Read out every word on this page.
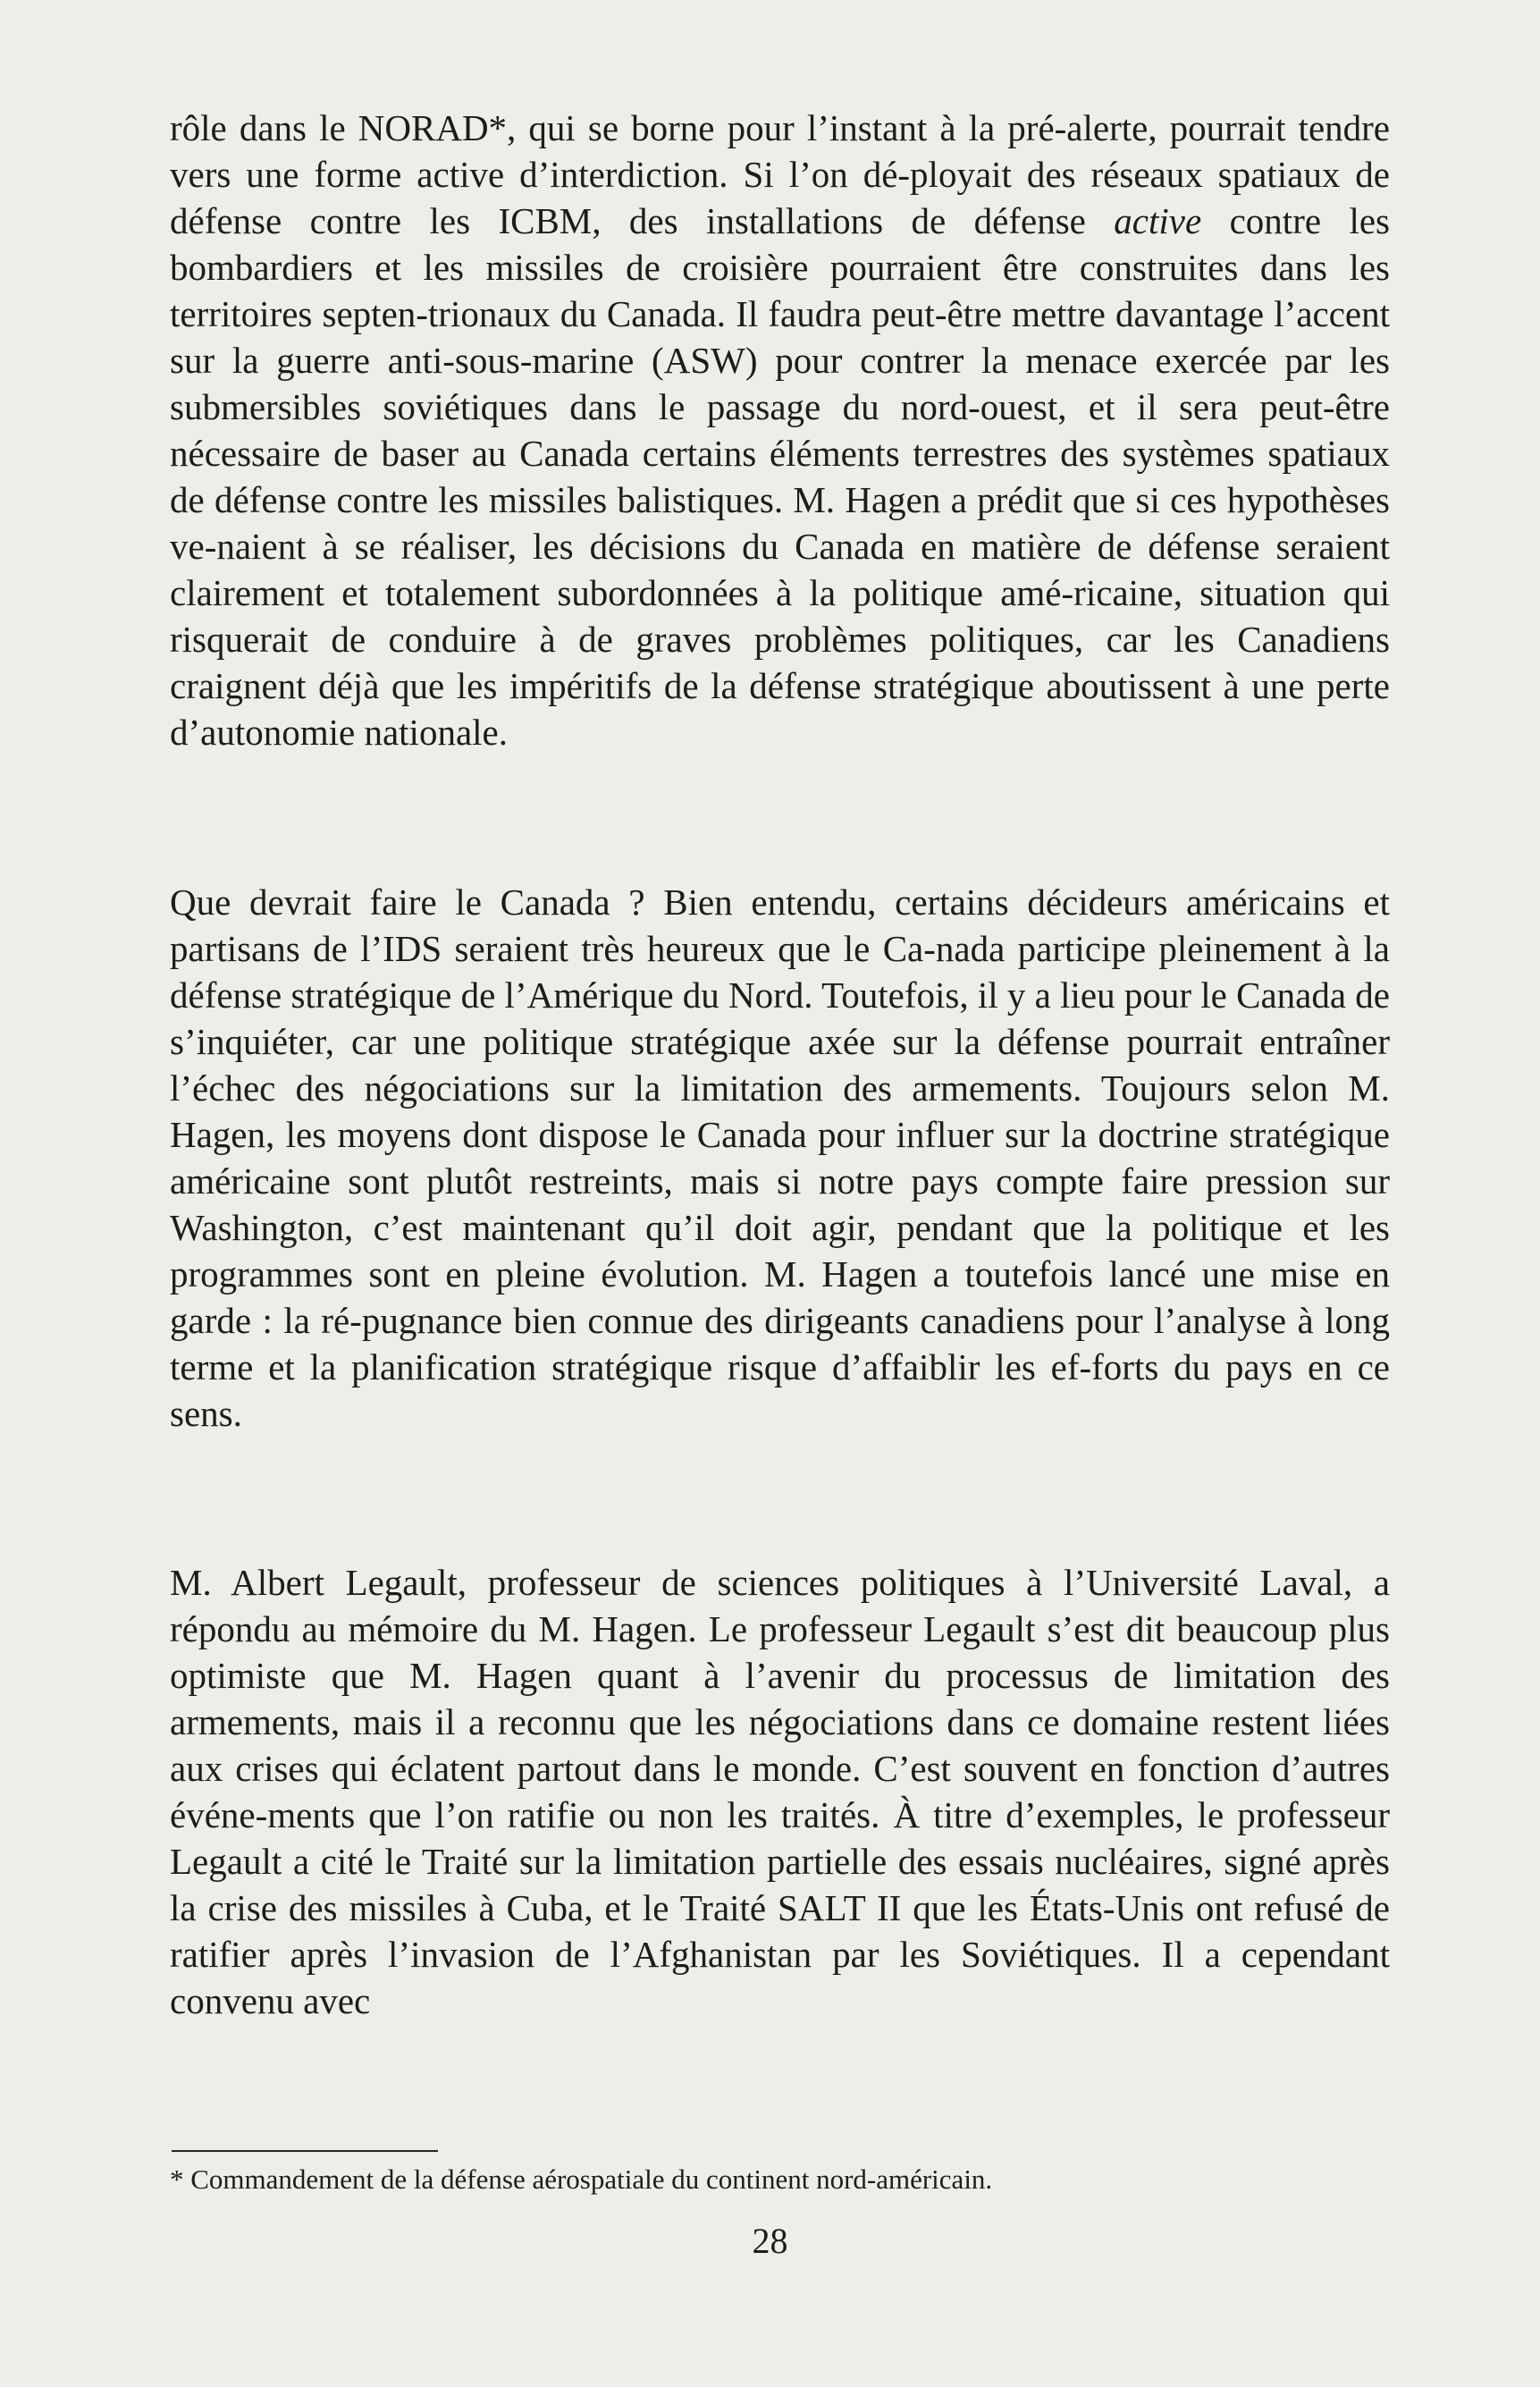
rôle dans le NORAD*, qui se borne pour l’instant à la pré-alerte, pourrait tendre vers une forme active d’interdiction. Si l’on dé-ployait des réseaux spatiaux de défense contre les ICBM, des installations de défense active contre les bombardiers et les missiles de croisière pourraient être construites dans les territoires septen-trionaux du Canada. Il faudra peut-être mettre davantage l’accent sur la guerre anti-sous-marine (ASW) pour contrer la menace exercée par les submersibles soviétiques dans le passage du nord-ouest, et il sera peut-être nécessaire de baser au Canada certains éléments terrestres des systèmes spatiaux de défense contre les missiles balistiques. M. Hagen a prédit que si ces hypothèses ve-naient à se réaliser, les décisions du Canada en matière de défense seraient clairement et totalement subordonnées à la politique amé-ricaine, situation qui risquerait de conduire à de graves problèmes politiques, car les Canadiens craignent déjà que les impéritifs de la défense stratégique aboutissent à une perte d’autonomie nationale.

Que devrait faire le Canada ? Bien entendu, certains décideurs américains et partisans de l’IDS seraient très heureux que le Ca-nada participe pleinement à la défense stratégique de l’Amérique du Nord. Toutefois, il y a lieu pour le Canada de s’inquiéter, car une politique stratégique axée sur la défense pourrait entraîner l’échec des négociations sur la limitation des armements. Toujours selon M. Hagen, les moyens dont dispose le Canada pour influer sur la doctrine stratégique américaine sont plutôt restreints, mais si notre pays compte faire pression sur Washington, c’est maintenant qu’il doit agir, pendant que la politique et les programmes sont en pleine évolution. M. Hagen a toutefois lancé une mise en garde : la ré-pugnance bien connue des dirigeants canadiens pour l’analyse à long terme et la planification stratégique risque d’affaiblir les ef-forts du pays en ce sens.

M. Albert Legault, professeur de sciences politiques à l’Université Laval, a répondu au mémoire du M. Hagen. Le professeur Legault s’est dit beaucoup plus optimiste que M. Hagen quant à l’avenir du processus de limitation des armements, mais il a reconnu que les négociations dans ce domaine restent liées aux crises qui éclatent partout dans le monde. C’est souvent en fonction d’autres événe-ments que l’on ratifie ou non les traités. À titre d’exemples, le professeur Legault a cité le Traité sur la limitation partielle des essais nucléaires, signé après la crise des missiles à Cuba, et le Traité SALT II que les États-Unis ont refusé de ratifier après l’invasion de l’Afghanistan par les Soviétiques. Il a cependant convenu avec

* Commandement de la défense aérospatiale du continent nord-américain.
28
